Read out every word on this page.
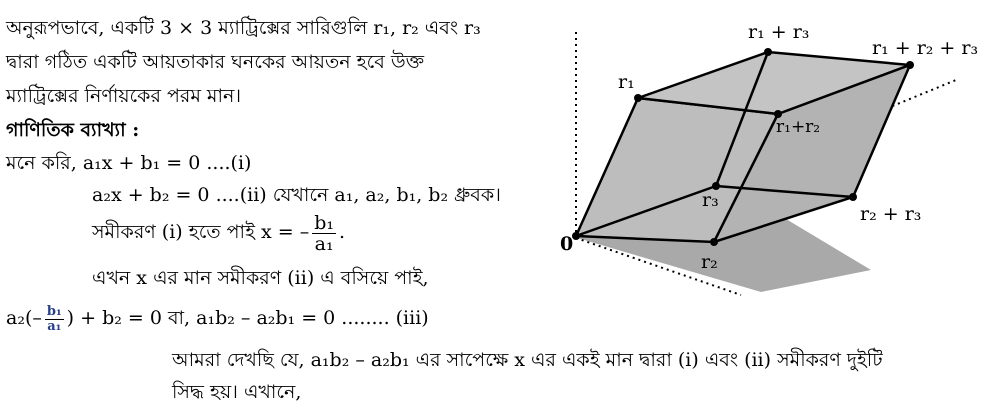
অনুরূপভাবে, একটি 3 × 3 ম্যাট্রিক্সের সারিগুলি r₁, r₂ এবং r₃
দ্বারা গঠিত একটি আয়তাকার ঘনকের আয়তন হবে উক্ত
ম্যাট্রিক্সের নির্ণায়কের পরম মান।
গাণিতিক ব্যাখ্যা :
মনে করি, a₁x + b₁ = 0 ....(i)
a₂x + b₂ = 0 ....(ii) যেখানে a₁, a₂, b₁, b₂ ধ্রুবক।
সমীকরণ (i) হতে পাই x = – $\frac{\text{b₁}}{\text{a₁}}$ .
এখন x এর মান সমীকরণ (ii) এ বসিয়ে পাই,
$a_2(- \frac{\text{b₁}}{\text{a₁}}$ ) + b₂ = 0 বা, a₁b₂ – a₂b₁ = 0 ........ (iii)
আমরা দেখছি যে, a₁b₂ – a₂b₁ এর সাপেক্ষে x এর একই মান দ্বারা (i) এবং (ii) সমীকরণ দুইটি
সিদ্ধ হয়। এখানে,
0
r₁
r₁ + r₃
r₁ + r₂ + r₃
r₁+r₂
r₃
r₂ + r₃
r₂
